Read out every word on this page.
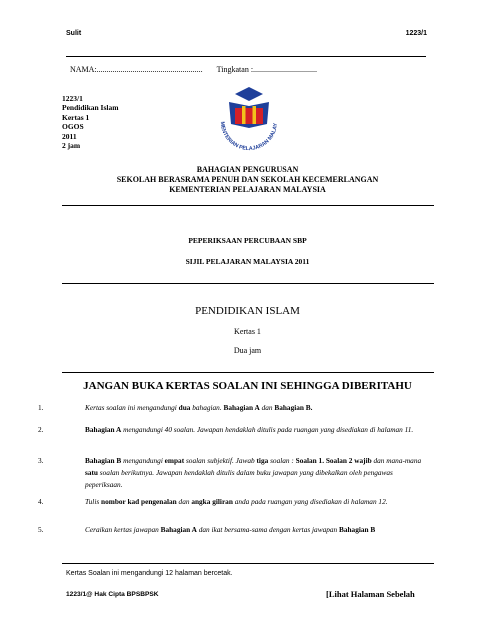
Sulit	1223/1
NAMA:..................................................... Tingkatan :................................
1223/1
Pendidikan Islam
Kertas 1
OGOS
2011
2 jam
MENTERIAN PELAJARAN MALAY
BAHAGIAN PENGURUSAN
SEKOLAH BERASRAMA PENUH DAN SEKOLAH KECEMERLANGAN
KEMENTERIAN PELAJARAN MALAYSIA
PEPERIKSAAN PERCUBAAN SBP
SIJIL PELAJARAN MALAYSIA 2011
PENDIDIKAN ISLAM
Kertas 1
Dua jam
JANGAN BUKA KERTAS SOALAN INI SEHINGGA DIBERITAHU
1.	Kertas soalan ini mengandungi dua bahagian. Bahagian A dan Bahagian B.
2.	Bahagian A mengandungi 40 soalan. Jawapan hendaklah ditulis pada ruangan yang disediakan di halaman 11.
3.	Bahagian B mengandungi empat soalan subjektif. Jawab tiga soalan : Soalan 1. Soalan 2 wajib dan mana-mana satu soalan berikutnya. Jawapan hendaklah ditulis dalam buku jawapan yang dibekalkan oleh pengawas peperiksaan.
4.	Tulis nombor kad pengenalan dan angka giliran anda pada ruangan yang disediakan di halaman 12.
5.	Ceraikan kertas jawapan Bahagian A dan ikat bersama-sama dengan kertas jawapan Bahagian B
Kertas Soalan ini mengandungi 12 halaman bercetak.
1223/1@ Hak Cipta BPSBPSK	[Lihat Halaman Sebelah
